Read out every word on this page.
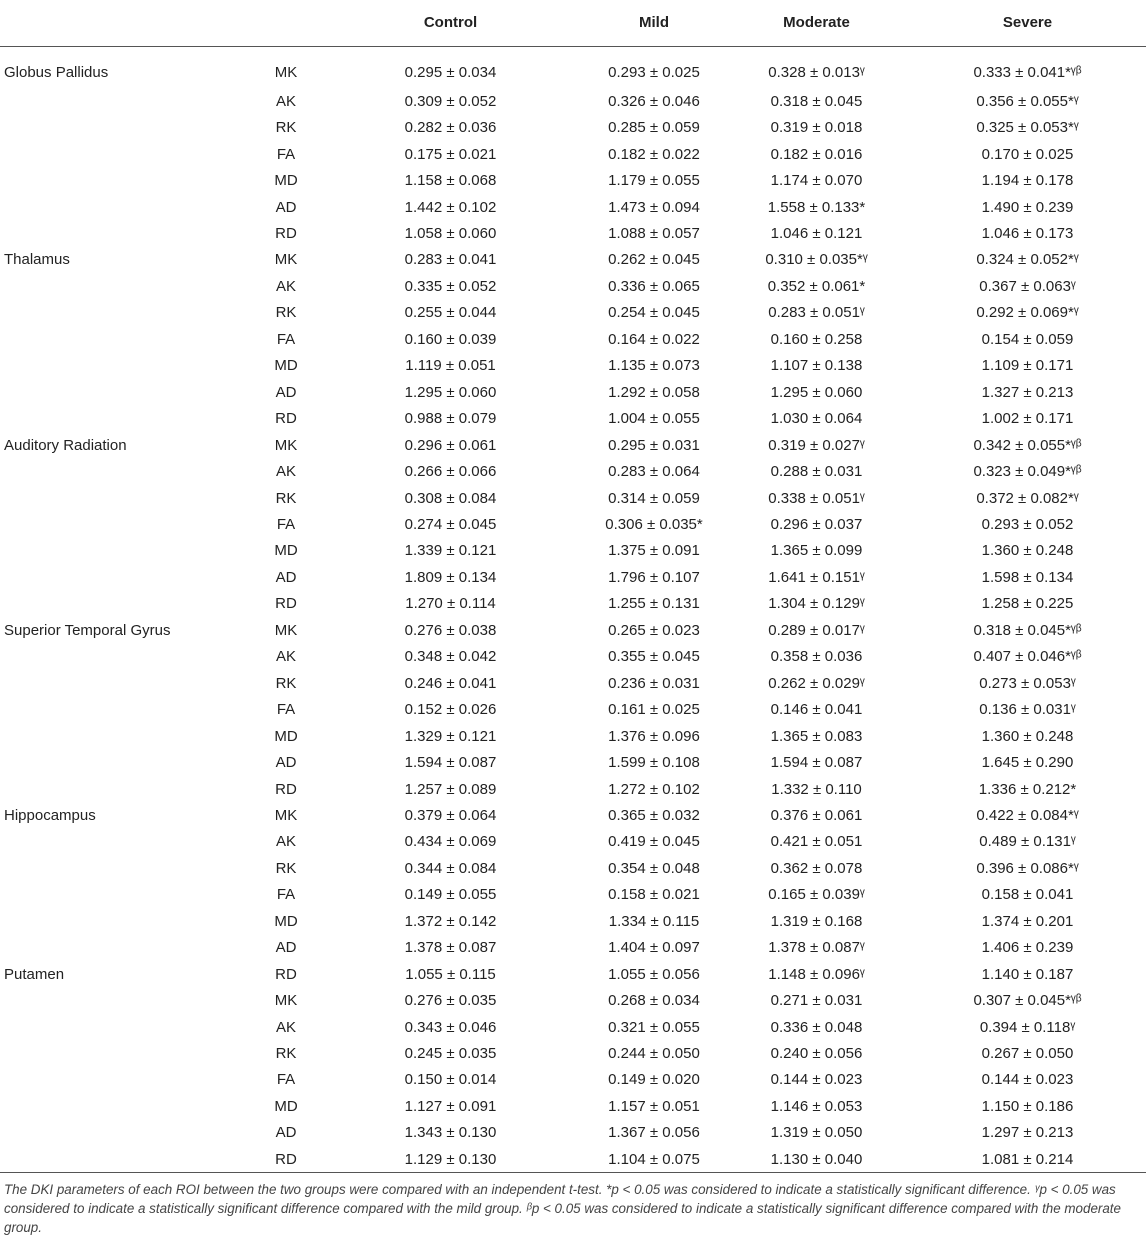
		Control	Mild	Moderate	Severe
Globus Pallidus	MK	0.295 ± 0.034	0.293 ± 0.025	0.328 ± 0.013ᵞ	0.333 ± 0.041*ᵞᵝ
	AK	0.309 ± 0.052	0.326 ± 0.046	0.318 ± 0.045	0.356 ± 0.055*ᵞ
	RK	0.282 ± 0.036	0.285 ± 0.059	0.319 ± 0.018	0.325 ± 0.053*ᵞ
	FA	0.175 ± 0.021	0.182 ± 0.022	0.182 ± 0.016	0.170 ± 0.025
	MD	1.158 ± 0.068	1.179 ± 0.055	1.174 ± 0.070	1.194 ± 0.178
	AD	1.442 ± 0.102	1.473 ± 0.094	1.558 ± 0.133*	1.490 ± 0.239
	RD	1.058 ± 0.060	1.088 ± 0.057	1.046 ± 0.121	1.046 ± 0.173
Thalamus	MK	0.283 ± 0.041	0.262 ± 0.045	0.310 ± 0.035*ᵞ	0.324 ± 0.052*ᵞ
	AK	0.335 ± 0.052	0.336 ± 0.065	0.352 ± 0.061*	0.367 ± 0.063ᵞ
	RK	0.255 ± 0.044	0.254 ± 0.045	0.283 ± 0.051ᵞ	0.292 ± 0.069*ᵞ
	FA	0.160 ± 0.039	0.164 ± 0.022	0.160 ± 0.258	0.154 ± 0.059
	MD	1.119 ± 0.051	1.135 ± 0.073	1.107 ± 0.138	1.109 ± 0.171
	AD	1.295 ± 0.060	1.292 ± 0.058	1.295 ± 0.060	1.327 ± 0.213
	RD	0.988 ± 0.079	1.004 ± 0.055	1.030 ± 0.064	1.002 ± 0.171
Auditory Radiation	MK	0.296 ± 0.061	0.295 ± 0.031	0.319 ± 0.027ᵞ	0.342 ± 0.055*ᵞᵝ
	AK	0.266 ± 0.066	0.283 ± 0.064	0.288 ± 0.031	0.323 ± 0.049*ᵞᵝ
	RK	0.308 ± 0.084	0.314 ± 0.059	0.338 ± 0.051ᵞ	0.372 ± 0.082*ᵞ
	FA	0.274 ± 0.045	0.306 ± 0.035*	0.296 ± 0.037	0.293 ± 0.052
	MD	1.339 ± 0.121	1.375 ± 0.091	1.365 ± 0.099	1.360 ± 0.248
	AD	1.809 ± 0.134	1.796 ± 0.107	1.641 ± 0.151ᵞ	1.598 ± 0.134
	RD	1.270 ± 0.114	1.255 ± 0.131	1.304 ± 0.129ᵞ	1.258 ± 0.225
Superior Temporal Gyrus	MK	0.276 ± 0.038	0.265 ± 0.023	0.289 ± 0.017ᵞ	0.318 ± 0.045*ᵞᵝ
	AK	0.348 ± 0.042	0.355 ± 0.045	0.358 ± 0.036	0.407 ± 0.046*ᵞᵝ
	RK	0.246 ± 0.041	0.236 ± 0.031	0.262 ± 0.029ᵞ	0.273 ± 0.053ᵞ
	FA	0.152 ± 0.026	0.161 ± 0.025	0.146 ± 0.041	0.136 ± 0.031ᵞ
	MD	1.329 ± 0.121	1.376 ± 0.096	1.365 ± 0.083	1.360 ± 0.248
	AD	1.594 ± 0.087	1.599 ± 0.108	1.594 ± 0.087	1.645 ± 0.290
	RD	1.257 ± 0.089	1.272 ± 0.102	1.332 ± 0.110	1.336 ± 0.212*
Hippocampus	MK	0.379 ± 0.064	0.365 ± 0.032	0.376 ± 0.061	0.422 ± 0.084*ᵞ
	AK	0.434 ± 0.069	0.419 ± 0.045	0.421 ± 0.051	0.489 ± 0.131ᵞ
	RK	0.344 ± 0.084	0.354 ± 0.048	0.362 ± 0.078	0.396 ± 0.086*ᵞ
	FA	0.149 ± 0.055	0.158 ± 0.021	0.165 ± 0.039ᵞ	0.158 ± 0.041
	MD	1.372 ± 0.142	1.334 ± 0.115	1.319 ± 0.168	1.374 ± 0.201
	AD	1.378 ± 0.087	1.404 ± 0.097	1.378 ± 0.087ᵞ	1.406 ± 0.239
Putamen	RD	1.055 ± 0.115	1.055 ± 0.056	1.148 ± 0.096ᵞ	1.140 ± 0.187
	MK	0.276 ± 0.035	0.268 ± 0.034	0.271 ± 0.031	0.307 ± 0.045*ᵞᵝ
	AK	0.343 ± 0.046	0.321 ± 0.055	0.336 ± 0.048	0.394 ± 0.118ᵞ
	RK	0.245 ± 0.035	0.244 ± 0.050	0.240 ± 0.056	0.267 ± 0.050
	FA	0.150 ± 0.014	0.149 ± 0.020	0.144 ± 0.023	0.144 ± 0.023
	MD	1.127 ± 0.091	1.157 ± 0.051	1.146 ± 0.053	1.150 ± 0.186
	AD	1.343 ± 0.130	1.367 ± 0.056	1.319 ± 0.050	1.297 ± 0.213
	RD	1.129 ± 0.130	1.104 ± 0.075	1.130 ± 0.040	1.081 ± 0.214
The DKI parameters of each ROI between the two groups were compared with an independent t-test. *p < 0.05 was considered to indicate a statistically significant difference. ᵞp < 0.05 was considered to indicate a statistically significant difference compared with the mild group. ᵝp < 0.05 was considered to indicate a statistically significant difference compared with the moderate group.
